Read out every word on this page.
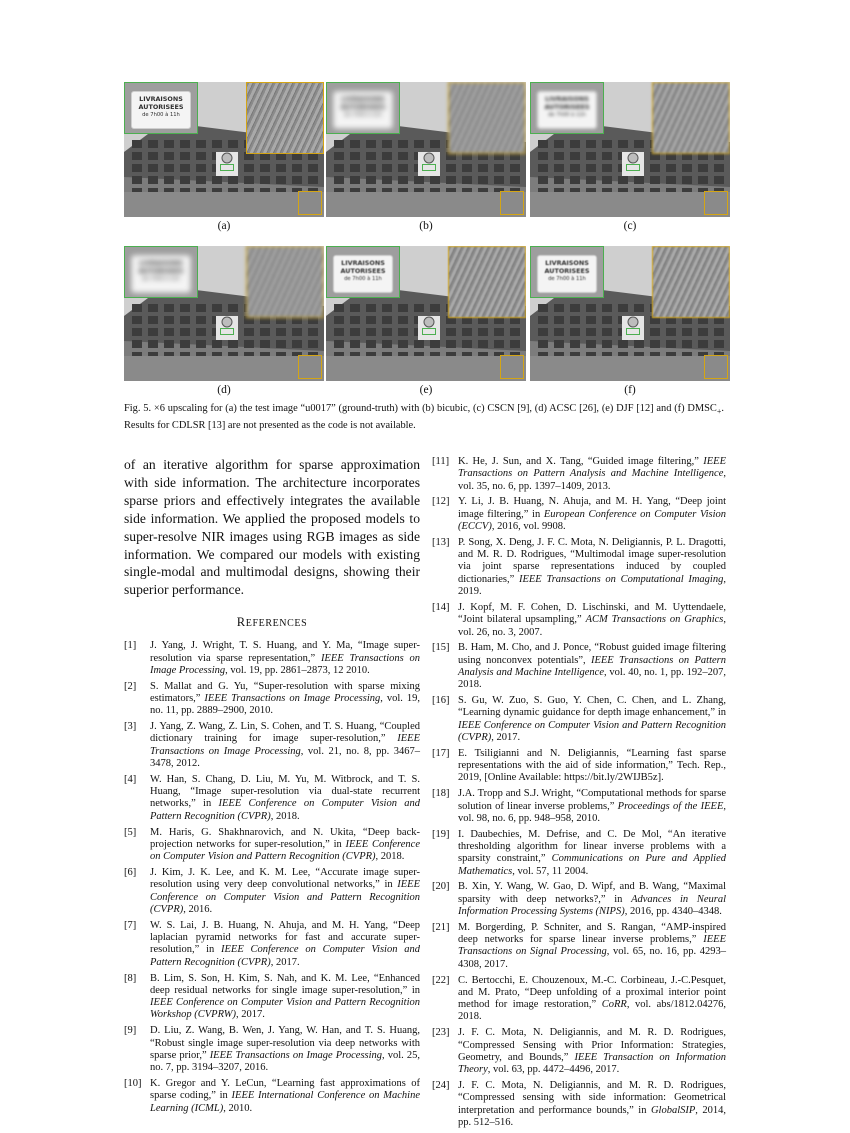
LIVRAISONS
AUTORISEES
de 7h00 à 11h
(a)
LIVRAISONS
AUTORISEES
de 7h00 à 11h
(b)
LIVRAISONS
AUTORISEES
de 7h00 à 11h
(c)
LIVRAISONS
AUTORISEES
de 7h00 à 11h
(d)
LIVRAISONS
AUTORISEES
de 7h00 à 11h
(e)
LIVRAISONS
AUTORISEES
de 7h00 à 11h
(f)
Fig. 5. ×6 upscaling for (a) the test image “u0017” (ground-truth) with (b) bicubic, (c) CSCN [9], (d) ACSC [26], (e) DJF [12] and (f) $DMSC_+$. Results for CDLSR [13] are not presented as the code is not available.

of an iterative algorithm for sparse approximation with side information. The architecture incorporates sparse priors and effectively integrates the available side information. We applied the proposed models to super-resolve NIR images using RGB images as side information. We compared our models with existing single-modal and multimodal designs, showing their superior performance.

REFERENCES
[1]	J. Yang, J. Wright, T. S. Huang, and Y. Ma, “Image super-resolution via sparse representation,” IEEE Transactions on Image Processing, vol. 19, pp. 2861–2873, 12 2010.
[2]	S. Mallat and G. Yu, “Super-resolution with sparse mixing estimators,” IEEE Transactions on Image Processing, vol. 19, no. 11, pp. 2889–2900, 2010.
[3]	J. Yang, Z. Wang, Z. Lin, S. Cohen, and T. S. Huang, “Coupled dictionary training for image super-resolution,” IEEE Transactions on Image Processing, vol. 21, no. 8, pp. 3467–3478, 2012.
[4]	W. Han, S. Chang, D. Liu, M. Yu, M. Witbrock, and T. S. Huang, “Image super-resolution via dual-state recurrent networks,” in IEEE Conference on Computer Vision and Pattern Recognition (CVPR), 2018.
[5]	M. Haris, G. Shakhnarovich, and N. Ukita, “Deep back-projection networks for super-resolution,” in IEEE Conference on Computer Vision and Pattern Recognition (CVPR), 2018.
[6]	J. Kim, J. K. Lee, and K. M. Lee, “Accurate image super-resolution using very deep convolutional networks,” in IEEE Conference on Computer Vision and Pattern Recognition (CVPR), 2016.
[7]	W. S. Lai, J. B. Huang, N. Ahuja, and M. H. Yang, “Deep laplacian pyramid networks for fast and accurate super-resolution,” in IEEE Conference on Computer Vision and Pattern Recognition (CVPR), 2017.
[8]	B. Lim, S. Son, H. Kim, S. Nah, and K. M. Lee, “Enhanced deep residual networks for single image super-resolution,” in IEEE Conference on Computer Vision and Pattern Recognition Workshop (CVPRW), 2017.
[9]	D. Liu, Z. Wang, B. Wen, J. Yang, W. Han, and T. S. Huang, “Robust single image super-resolution via deep networks with sparse prior,” IEEE Transactions on Image Processing, vol. 25, no. 7, pp. 3194–3207, 2016.
[10] K. Gregor and Y. LeCun, “Learning fast approximations of sparse coding,” in IEEE International Conference on Machine Learning (ICML), 2010.
[11] K. He, J. Sun, and X. Tang, “Guided image filtering,” IEEE Transactions on Pattern Analysis and Machine Intelligence, vol. 35, no. 6, pp. 1397–1409, 2013.
[12] Y. Li, J. B. Huang, N. Ahuja, and M. H. Yang, “Deep joint image filtering,” in European Conference on Computer Vision (ECCV), 2016, vol. 9908.
[13] P. Song, X. Deng, J. F. C. Mota, N. Deligiannis, P. L. Dragotti, and M. R. D. Rodrigues, “Multimodal image super-resolution via joint sparse representations induced by coupled dictionaries,” IEEE Transactions on Computational Imaging, 2019.
[14] J. Kopf, M. F. Cohen, D. Lischinski, and M. Uyttendaele, “Joint bilateral upsampling,” ACM Transactions on Graphics, vol. 26, no. 3, 2007.
[15] B. Ham, M. Cho, and J. Ponce, “Robust guided image filtering using nonconvex potentials”, IEEE Transactions on Pattern Analysis and Machine Intelligence, vol. 40, no. 1, pp. 192–207, 2018.
[16] S. Gu, W. Zuo, S. Guo, Y. Chen, C. Chen, and L. Zhang, “Learning dynamic guidance for depth image enhancement,” in IEEE Conference on Computer Vision and Pattern Recognition (CVPR), 2017.
[17] E. Tsiligianni and N. Deligiannis, “Learning fast sparse representations with the aid of side information,” Tech. Rep., 2019, [Online Available: https://bit.ly/2WIJB5z].
[18] J.A. Tropp and S.J. Wright, “Computational methods for sparse solution of linear inverse problems,” Proceedings of the IEEE, vol. 98, no. 6, pp. 948–958, 2010.
[19] I. Daubechies, M. Defrise, and C. De Mol, “An iterative thresholding algorithm for linear inverse problems with a sparsity constraint,” Communications on Pure and Applied Mathematics, vol. 57, 11 2004.
[20] B. Xin, Y. Wang, W. Gao, D. Wipf, and B. Wang, “Maximal sparsity with deep networks?,” in Advances in Neural Information Processing Systems (NIPS), 2016, pp. 4340–4348.
[21] M. Borgerding, P. Schniter, and S. Rangan, “AMP-inspired deep networks for sparse linear inverse problems,” IEEE Transactions on Signal Processing, vol. 65, no. 16, pp. 4293–4308, 2017.
[22] C. Bertocchi, E. Chouzenoux, M.-C. Corbineau, J.-C.Pesquet, and M. Prato, “Deep unfolding of a proximal interior point method for image restoration,” CoRR, vol. abs/1812.04276, 2018.
[23] J. F. C. Mota, N. Deligiannis, and M. R. D. Rodrigues, “Compressed Sensing with Prior Information: Strategies, Geometry, and Bounds,” IEEE Transaction on Information Theory, vol. 63, pp. 4472–4496, 2017.
[24] J. F. C. Mota, N. Deligiannis, and M. R. D. Rodrigues, “Compressed sensing with side information: Geometrical interpretation and performance bounds,” in GlobalSIP, 2014, pp. 512–516.
